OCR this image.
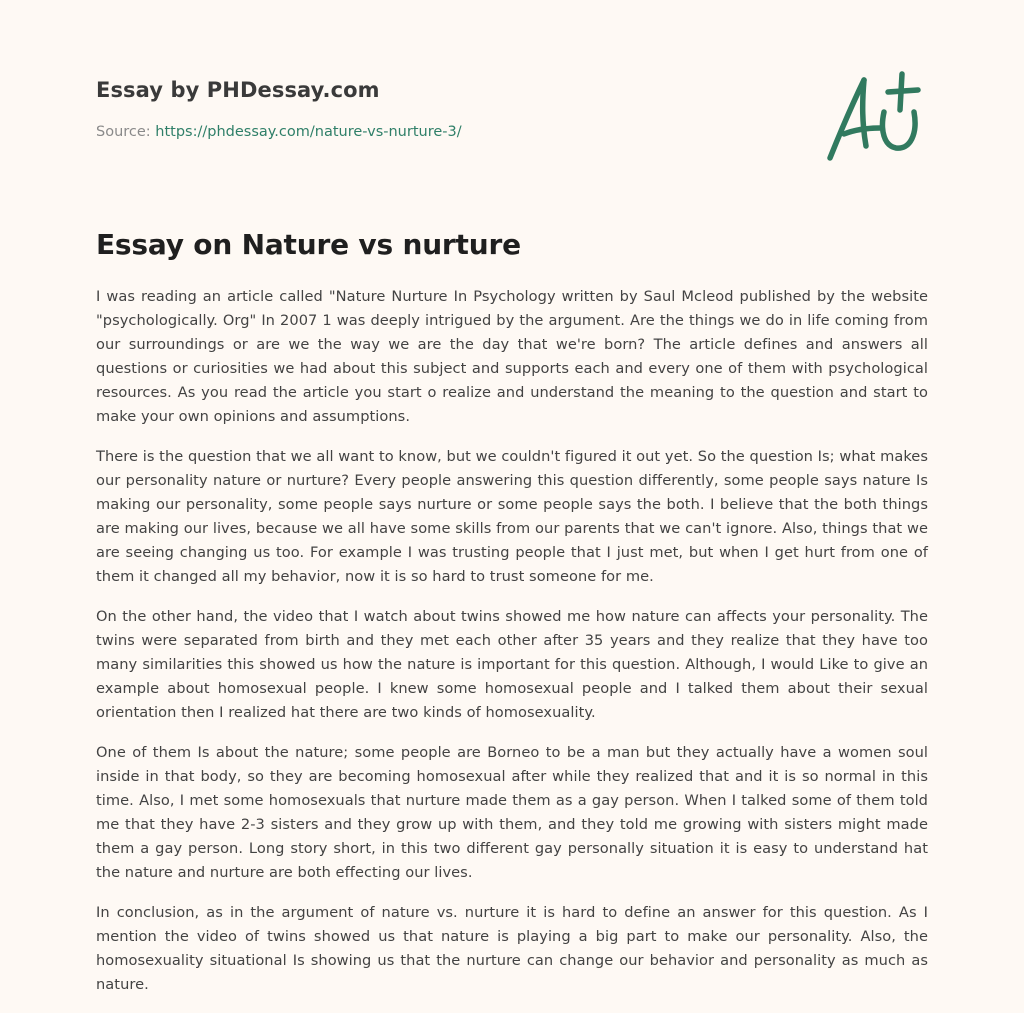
Essay by PHDessay.com
Source: https://phdessay.com/nature-vs-nurture-3/
Essay on Nature vs nurture

I was reading an article called "Nature Nurture In Psychology written by Saul Mcleod published by the website "psychologically. Org" In 2007 1 was deeply intrigued by the argument. Are the things we do in life coming from our surroundings or are we the way we are the day that we're born? The article defines and answers all questions or curiosities we had about this subject and supports each and every one of them with psychological resources. As you read the article you start o realize and understand the meaning to the question and start to make your own opinions and assumptions.

There is the question that we all want to know, but we couldn't figured it out yet. So the question Is; what makes our personality nature or nurture? Every people answering this question differently, some people says nature Is making our personality, some people says nurture or some people says the both. I believe that the both things are making our lives, because we all have some skills from our parents that we can't ignore. Also, things that we are seeing changing us too. For example I was trusting people that I just met, but when I get hurt from one of them it changed all my behavior, now it is so hard to trust someone for me.

On the other hand, the video that I watch about twins showed me how nature can affects your personality. The twins were separated from birth and they met each other after 35 years and they realize that they have too many similarities this showed us how the nature is important for this question. Although, I would Like to give an example about homosexual people. I knew some homosexual people and I talked them about their sexual orientation then I realized hat there are two kinds of homosexuality.

One of them Is about the nature; some people are Borneo to be a man but they actually have a women soul inside in that body, so they are becoming homosexual after while they realized that and it is so normal in this time. Also, I met some homosexuals that nurture made them as a gay person. When I talked some of them told me that they have 2-3 sisters and they grow up with them, and they told me growing with sisters might made them a gay person. Long story short, in this two different gay personally situation it is easy to understand hat the nature and nurture are both effecting our lives.

In conclusion, as in the argument of nature vs. nurture it is hard to define an answer for this question. As I mention the video of twins showed us that nature is playing a big part to make our personality. Also, the homosexuality situational Is showing us that the nurture can change our behavior and personality as much as nature.
